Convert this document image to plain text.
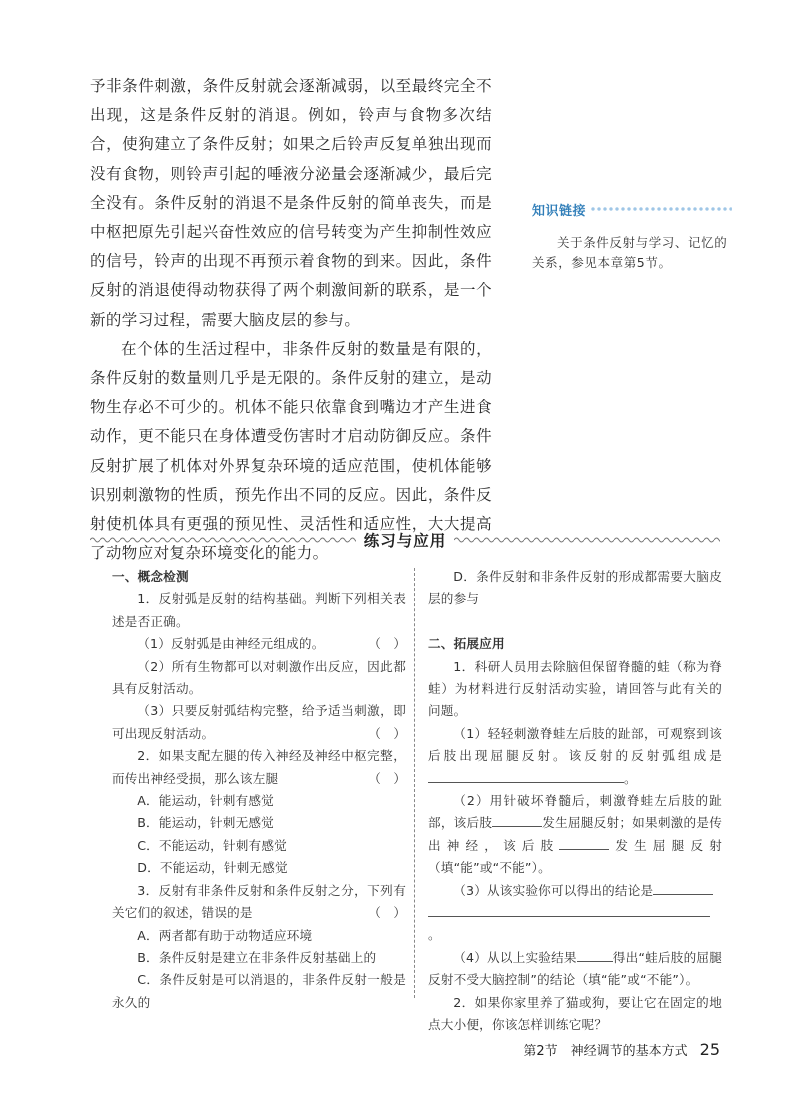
予非条件刺激，条件反射就会逐渐减弱，以至最终完全不出现，这是条件反射的消退。例如，铃声与食物多次结合，使狗建立了条件反射；如果之后铃声反复单独出现而没有食物，则铃声引起的唾液分泌量会逐渐减少，最后完全没有。条件反射的消退不是条件反射的简单丧失，而是中枢把原先引起兴奋性效应的信号转变为产生抑制性效应的信号，铃声的出现不再预示着食物的到来。因此，条件反射的消退使得动物获得了两个刺激间新的联系，是一个新的学习过程，需要大脑皮层的参与。

在个体的生活过程中，非条件反射的数量是有限的，条件反射的数量则几乎是无限的。条件反射的建立，是动物生存必不可少的。机体不能只依靠食到嘴边才产生进食动作，更不能只在身体遭受伤害时才启动防御反应。条件反射扩展了机体对外界复杂环境的适应范围，使机体能够识别刺激物的性质，预先作出不同的反应。因此，条件反射使机体具有更强的预见性、灵活性和适应性，大大提高了动物应对复杂环境变化的能力。

知识链接
关于条件反射与学习、记忆的关系，参见本章第5节。
练习与应用

一、概念检测

1．反射弧是反射的结构基础。判断下列相关表述是否正确。

（　）
（1）反射弧是由神经元组成的。

（2）所有生物都可以对刺激作出反应，因此都具有反射活动。

（3）只要反射弧结构完整，给予适当刺激，即可出现反射活动。	（　）

2．如果支配左腿的传入神经及神经中枢完整，而传出神经受损，那么该左腿	（　）

A．能运动，针刺有感觉

B．能运动，针刺无感觉

C．不能运动，针刺有感觉

D．不能运动，针刺无感觉

3．反射有非条件反射和条件反射之分，下列有关它们的叙述，错误的是	（　）

A．两者都有助于动物适应环境

B．条件反射是建立在非条件反射基础上的

C．条件反射是可以消退的，非条件反射一般是永久的

D．条件反射和非条件反射的形成都需要大脑皮层的参与

二、拓展应用

1．科研人员用去除脑但保留脊髓的蛙（称为脊蛙）为材料进行反射活动实验，请回答与此有关的问题。

（1）轻轻刺激脊蛙左后肢的趾部，可观察到该后肢出现屈腿反射。该反射的反射弧组成是。

（2）用针破坏脊髓后，刺激脊蛙左后肢的趾部，该后肢	发生屈腿反射；如果刺激的是传出神经，该后肢	发生屈腿反射（填“能”或“不能”）。

（3）从该实验你可以得出的结论是

。

（4）从以上实验结果	得出“蛙后肢的屈腿反射不受大脑控制”的结论（填“能”或“不能”）。

2．如果你家里养了猫或狗，要让它在固定的地点大小便，你该怎样训练它呢？

第2节　神经调节的基本方式 25
